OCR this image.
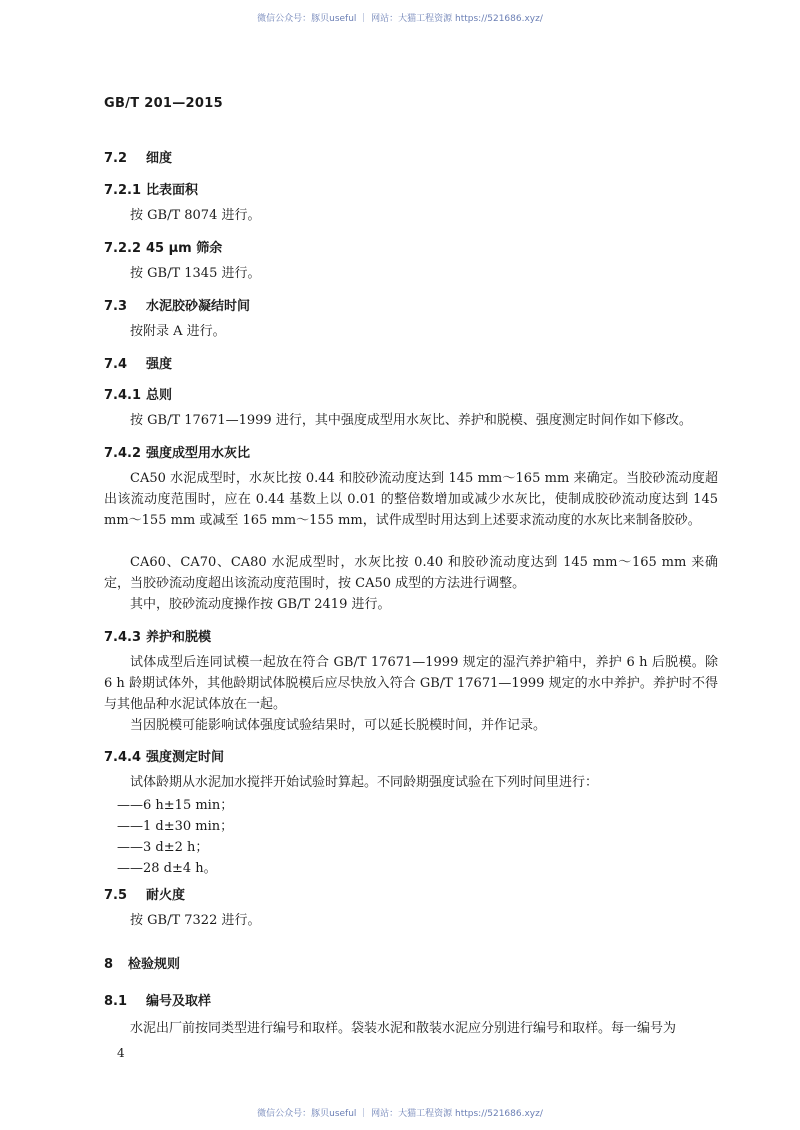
微信公众号：豚贝useful ｜ 网站：大猫工程资源 https://521686.xyz/
GB/T 201—2015
7.2 细度
7.2.1 比表面积
按 GB/T 8074 进行。
7.2.2 45 μm 筛余
按 GB/T 1345 进行。
7.3 水泥胶砂凝结时间
按附录 A 进行。
7.4 强度
7.4.1 总则
按 GB/T 17671—1999 进行，其中强度成型用水灰比、养护和脱模、强度测定时间作如下修改。
7.4.2 强度成型用水灰比
CA50 水泥成型时，水灰比按 0.44 和胶砂流动度达到 145 mm～165 mm 来确定。当胶砂流动度超出该流动度范围时，应在 0.44 基数上以 0.01 的整倍数增加或减少水灰比，使制成胶砂流动度达到 145 mm～155 mm 或减至 165 mm～155 mm，试件成型时用达到上述要求流动度的水灰比来制备胶砂。
CA60、CA70、CA80 水泥成型时，水灰比按 0.40 和胶砂流动度达到 145 mm～165 mm 来确定，当胶砂流动度超出该流动度范围时，按 CA50 成型的方法进行调整。
其中，胶砂流动度操作按 GB/T 2419 进行。
7.4.3 养护和脱模
试体成型后连同试模一起放在符合 GB/T 17671—1999 规定的湿汽养护箱中，养护 6 h 后脱模。除 6 h 龄期试体外，其他龄期试体脱模后应尽快放入符合 GB/T 17671—1999 规定的水中养护。养护时不得与其他品种水泥试体放在一起。
当因脱模可能影响试体强度试验结果时，可以延长脱模时间，并作记录。
7.4.4 强度测定时间
试体龄期从水泥加水搅拌开始试验时算起。不同龄期强度试验在下列时间里进行：
——6 h±15 min；
——1 d±30 min；
——3 d±2 h；
——28 d±4 h。
7.5 耐火度
按 GB/T 7322 进行。
8 检验规则
8.1 编号及取样
水泥出厂前按同类型进行编号和取样。袋装水泥和散装水泥应分别进行编号和取样。每一编号为
4
微信公众号：豚贝useful ｜ 网站：大猫工程资源 https://521686.xyz/
